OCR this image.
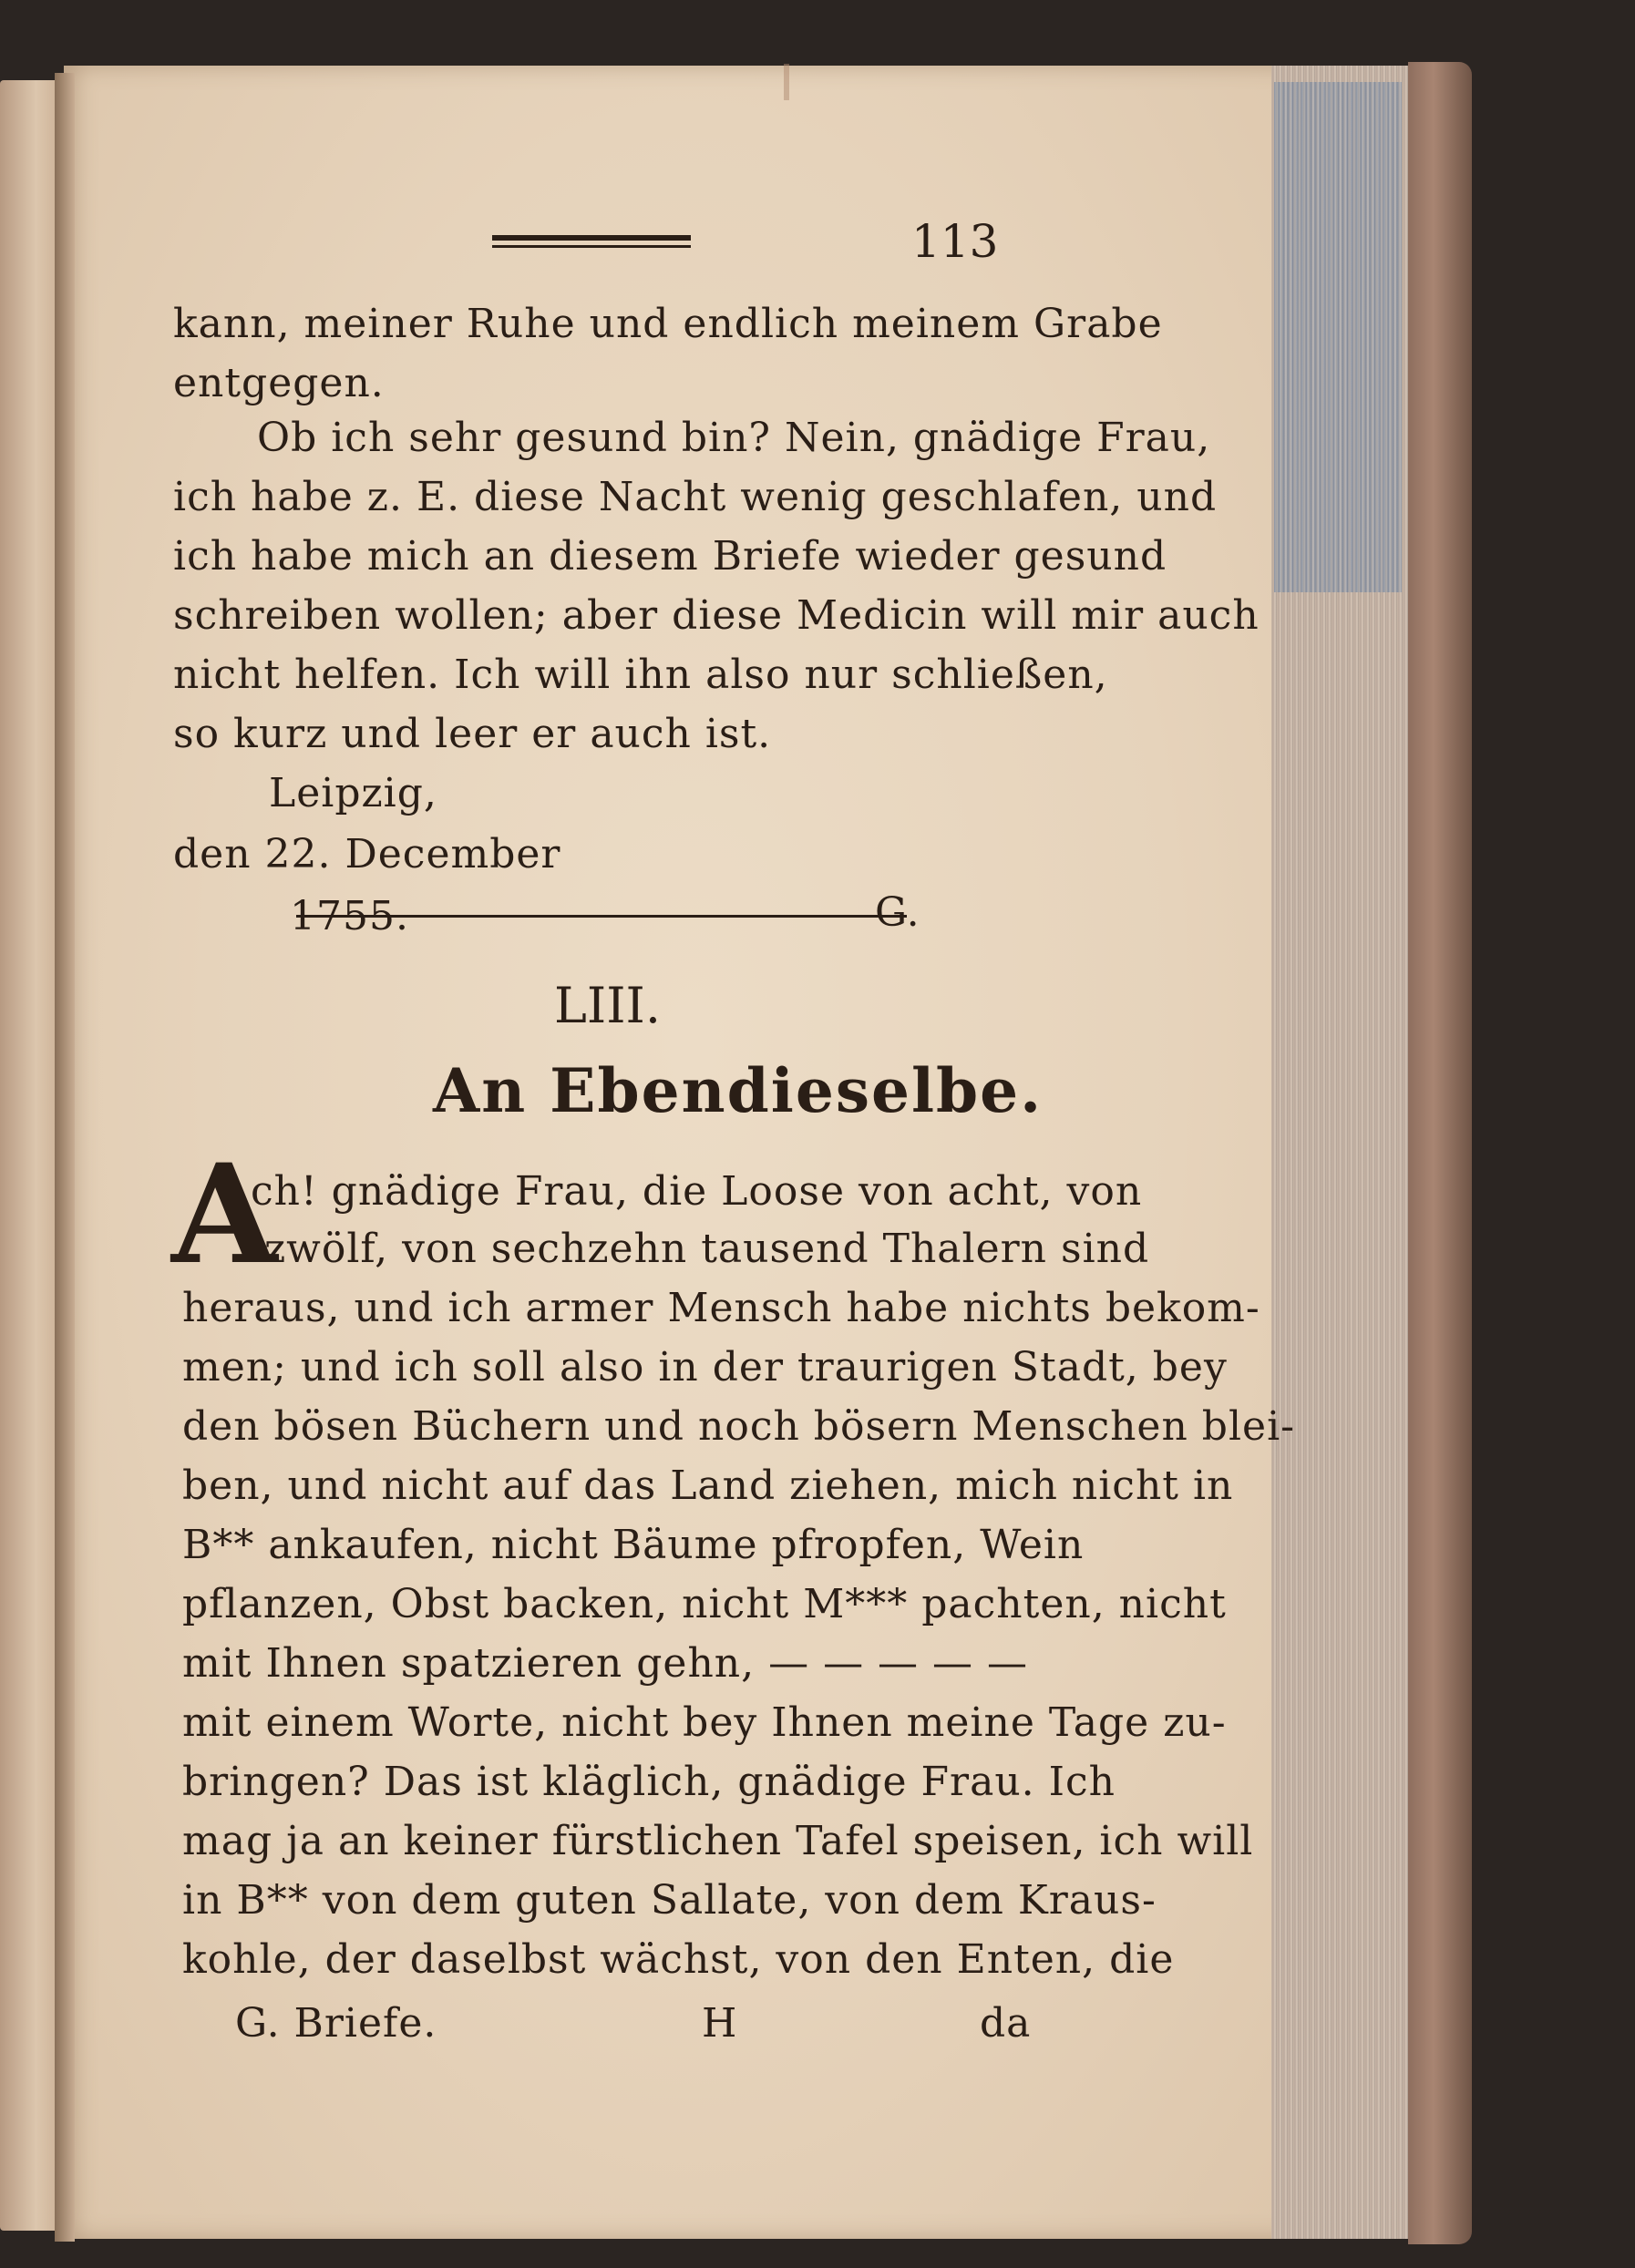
113
kann, meiner Ruhe und endlich meinem Grabe
entgegen.
Ob ich sehr gesund bin? Nein, gnädige Frau,
ich habe z. E. diese Nacht wenig geschlafen, und
ich habe mich an diesem Briefe wieder gesund
schreiben wollen; aber diese Medicin will mir auch
nicht helfen. Ich will ihn also nur schließen,
so kurz und leer er auch ist.
Leipzig,
den 22. December
1755.	G.
LIII.
An Ebendieselbe.
A
ch! gnädige Frau, die Loose von acht, von
zwölf, von sechzehn tausend Thalern sind
heraus, und ich armer Mensch habe nichts bekom-
men; und ich soll also in der traurigen Stadt, bey
den bösen Büchern und noch bösern Menschen blei-
ben, und nicht auf das Land ziehen, mich nicht in
B** ankaufen, nicht Bäume pfropfen, Wein
pflanzen, Obst backen, nicht M*** pachten, nicht
mit Ihnen spatzieren gehn, — — — — —
mit einem Worte, nicht bey Ihnen meine Tage zu-
bringen? Das ist kläglich, gnädige Frau. Ich
mag ja an keiner fürstlichen Tafel speisen, ich will
in B** von dem guten Sallate, von dem Kraus-
kohle, der daselbst wächst, von den Enten, die
G. Briefe.	H	da
